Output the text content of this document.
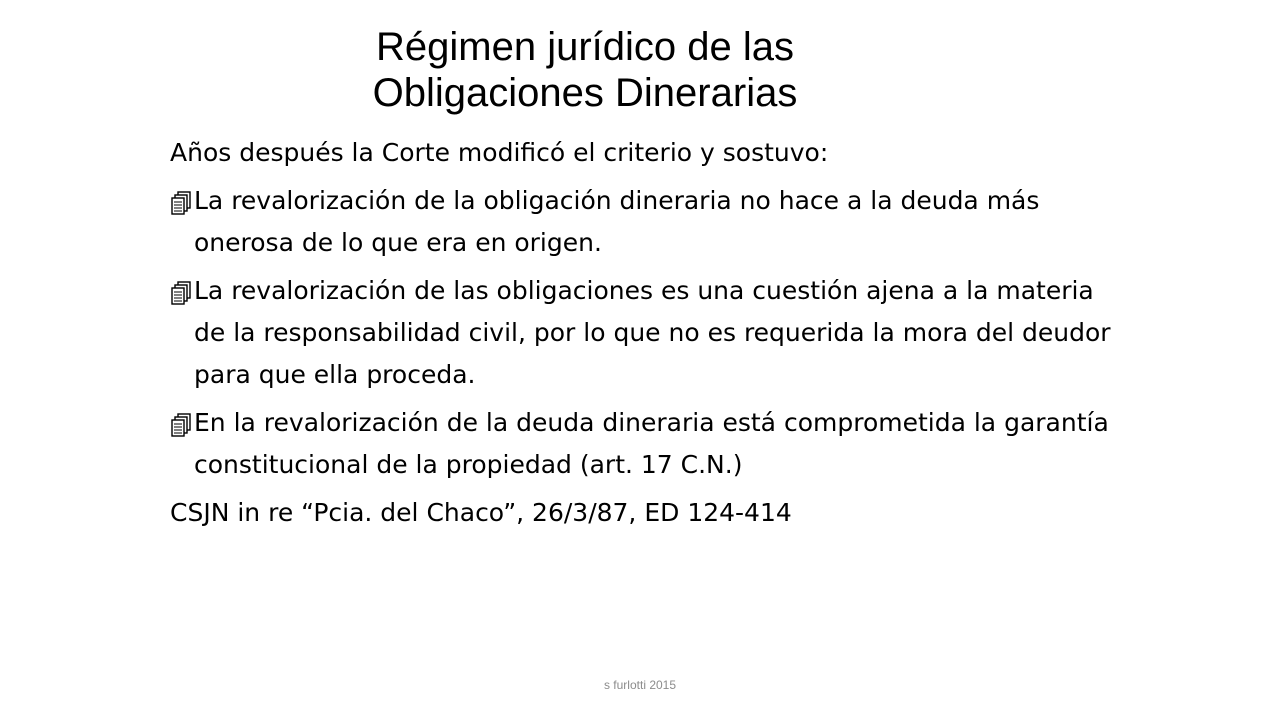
Régimen jurídico de las
Obligaciones Dinerarias

Años después la Corte modificó el criterio y sostuvo:

La revalorización de la obligación dineraria no hace a la deuda más onerosa de lo que era en origen.
La revalorización de las obligaciones es una cuestión ajena a la materia de la responsabilidad civil, por lo que no es requerida la mora del deudor para que ella proceda.
En la revalorización de la deuda dineraria está comprometida la garantía constitucional de la propiedad (art. 17 C.N.)

CSJN in re “Pcia. del Chaco”, 26/3/87, ED 124-414

s furlotti 2015
